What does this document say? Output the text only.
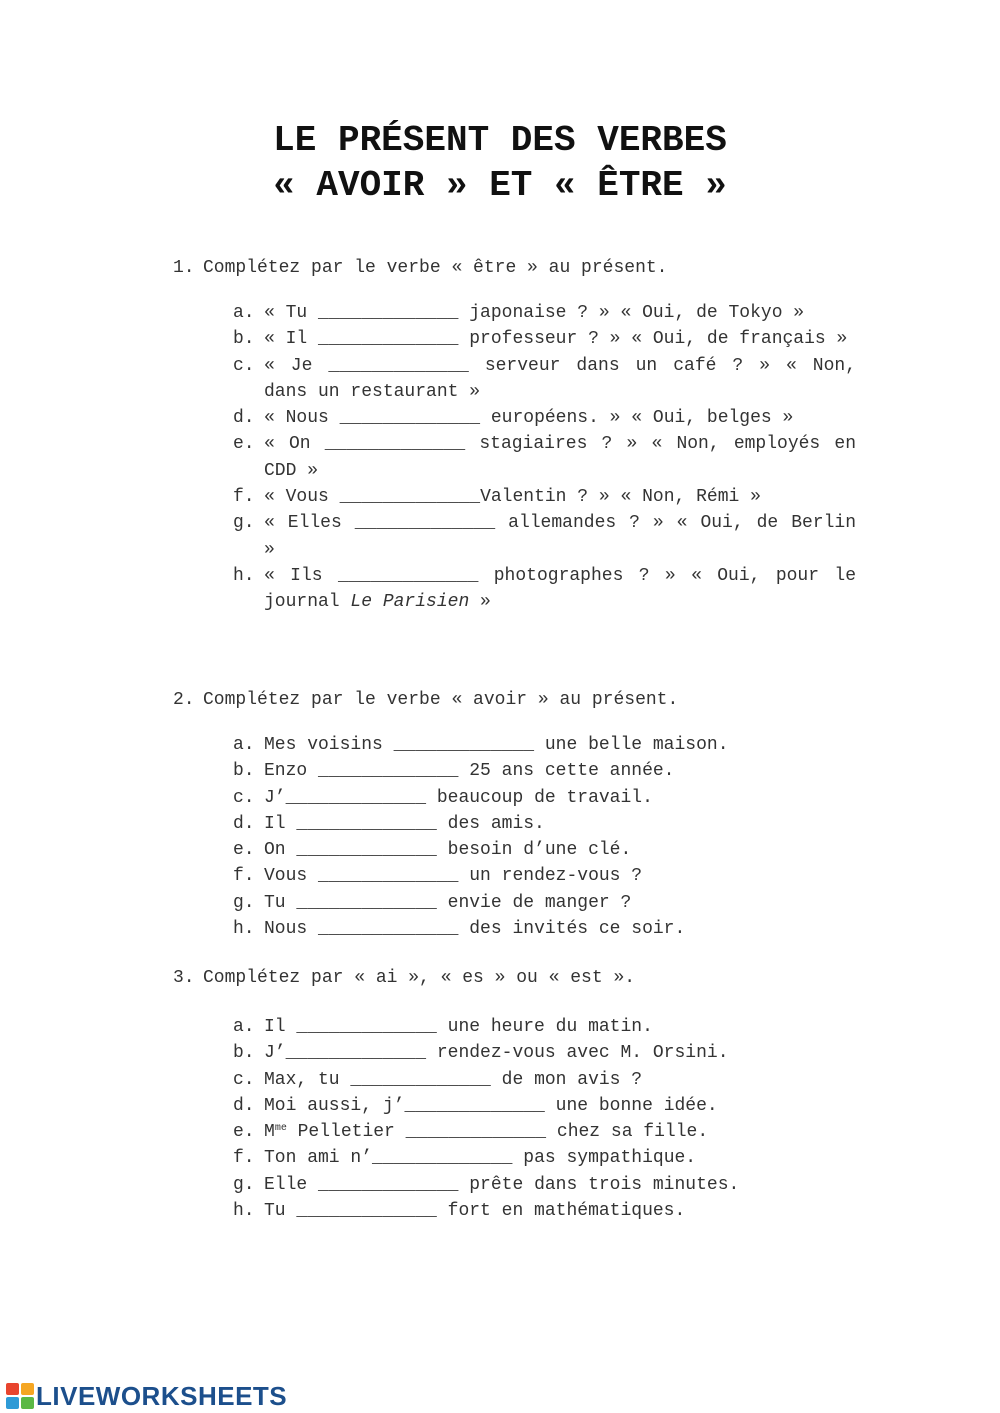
LE PRÉSENT DES VERBES
« AVOIR » ET « ÊTRE »
1. Complétez par le verbe « être » au présent.
a. « Tu _____________ japonaise ? » « Oui, de Tokyo »
b. « Il _____________ professeur ? » « Oui, de français »
c. « Je _____________ serveur dans un café ? » « Non, dans un restaurant »
d. « Nous _____________ européens. » « Oui, belges »
e. « On _____________ stagiaires ? » « Non, employés en CDD »
f. « Vous _____________Valentin ? » « Non, Rémi »
g. « Elles _____________ allemandes ? » « Oui, de Berlin »
h. « Ils _____________ photographes ? » « Oui, pour le journal Le Parisien »
2. Complétez par le verbe « avoir » au présent.
a. Mes voisins _____________ une belle maison.
b. Enzo _____________ 25 ans cette année.
c. J’_____________ beaucoup de travail.
d. Il _____________ des amis.
e. On _____________ besoin d’une clé.
f. Vous _____________ un rendez-vous ?
g. Tu _____________ envie de manger ?
h. Nous _____________ des invités ce soir.
3. Complétez par « ai », « es » ou « est ».
a. Il _____________ une heure du matin.
b. J’_____________ rendez-vous avec M. Orsini.
c. Max, tu _____________ de mon avis ?
d. Moi aussi, j’_____________ une bonne idée.
e. $M^{me}$ Pelletier _____________ chez sa fille.
f. Ton ami n’_____________ pas sympathique.
g. Elle _____________ prête dans trois minutes.
h. Tu _____________ fort en mathématiques.
LIVEWORKSHEETS
